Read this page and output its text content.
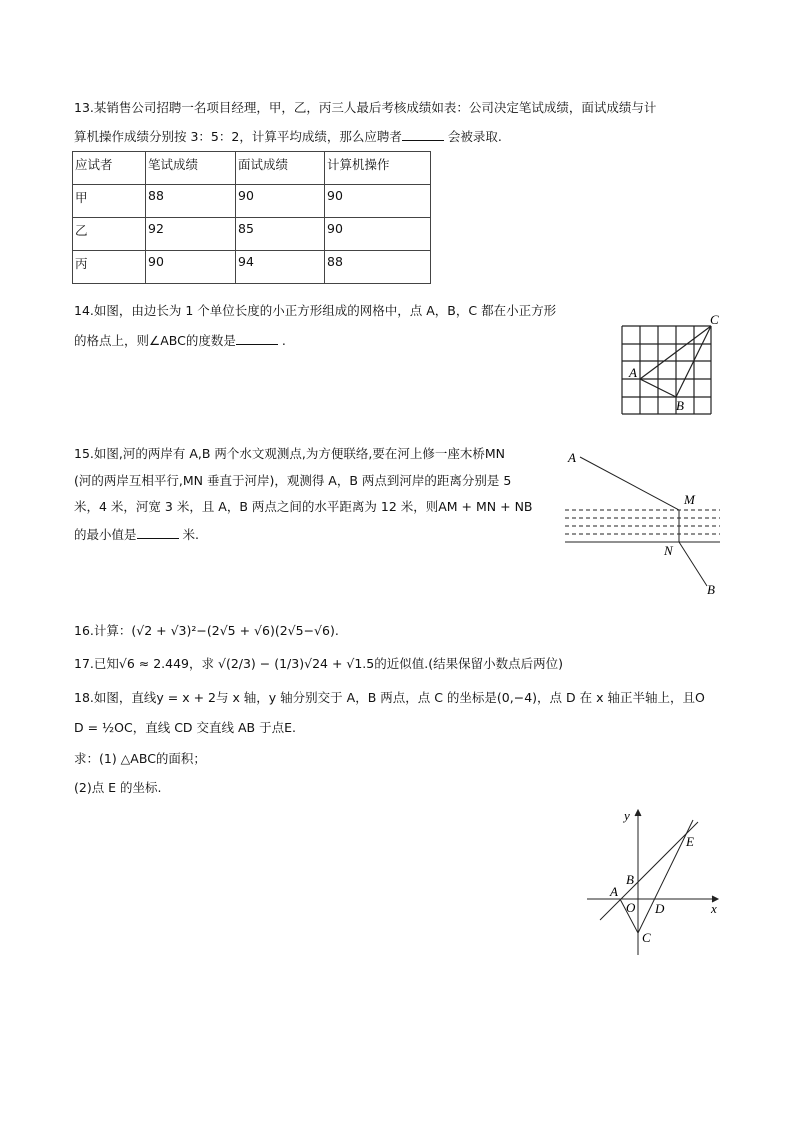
13.某销售公司招聘一名项目经理，甲，乙，丙三人最后考核成绩如表：公司决定笔试成绩，面试成绩与计
算机操作成绩分别按 3：5：2，计算平均成绩，那么应聘者	会被录取.
应试者	笔试成绩	面试成绩	计算机操作
甲	88	90	90
乙	92	85	90
丙	90	94	88
14.如图，由边长为 1 个单位长度的小正方形组成的网格中，点 A，B，C 都在小正方形
的格点上，则∠ABC的度数是	.
15.如图,河的两岸有 A,B 两个水文观测点,为方便联络,要在河上修一座木桥MN
(河的两岸互相平行,MN 垂直于河岸)，观测得 A，B 两点到河岸的距离分别是 5
米，4 米，河宽 3 米，且 A，B 两点之间的水平距离为 12 米，则AM + MN + NB
的最小值是	米.
16.计算：(√2 + √3)²−(2√5 + √6)(2√5−√6).
17.已知√6 ≈ 2.449，求 √(2/3) − (1/3)√24 + √1.5的近似值.(结果保留小数点后两位)
18.如图，直线y = x + 2与 x 轴，y 轴分别交于 A，B 两点，点 C 的坐标是(0,−4)，点 D 在 x 轴正半轴上，且O
D = ½OC，直线 CD 交直线 AB 于点E.
求：(1) △ABC的面积；
(2)点 E 的坐标.
A
B
C
A
M
N
B
y
x
A
B
O D
C
E
